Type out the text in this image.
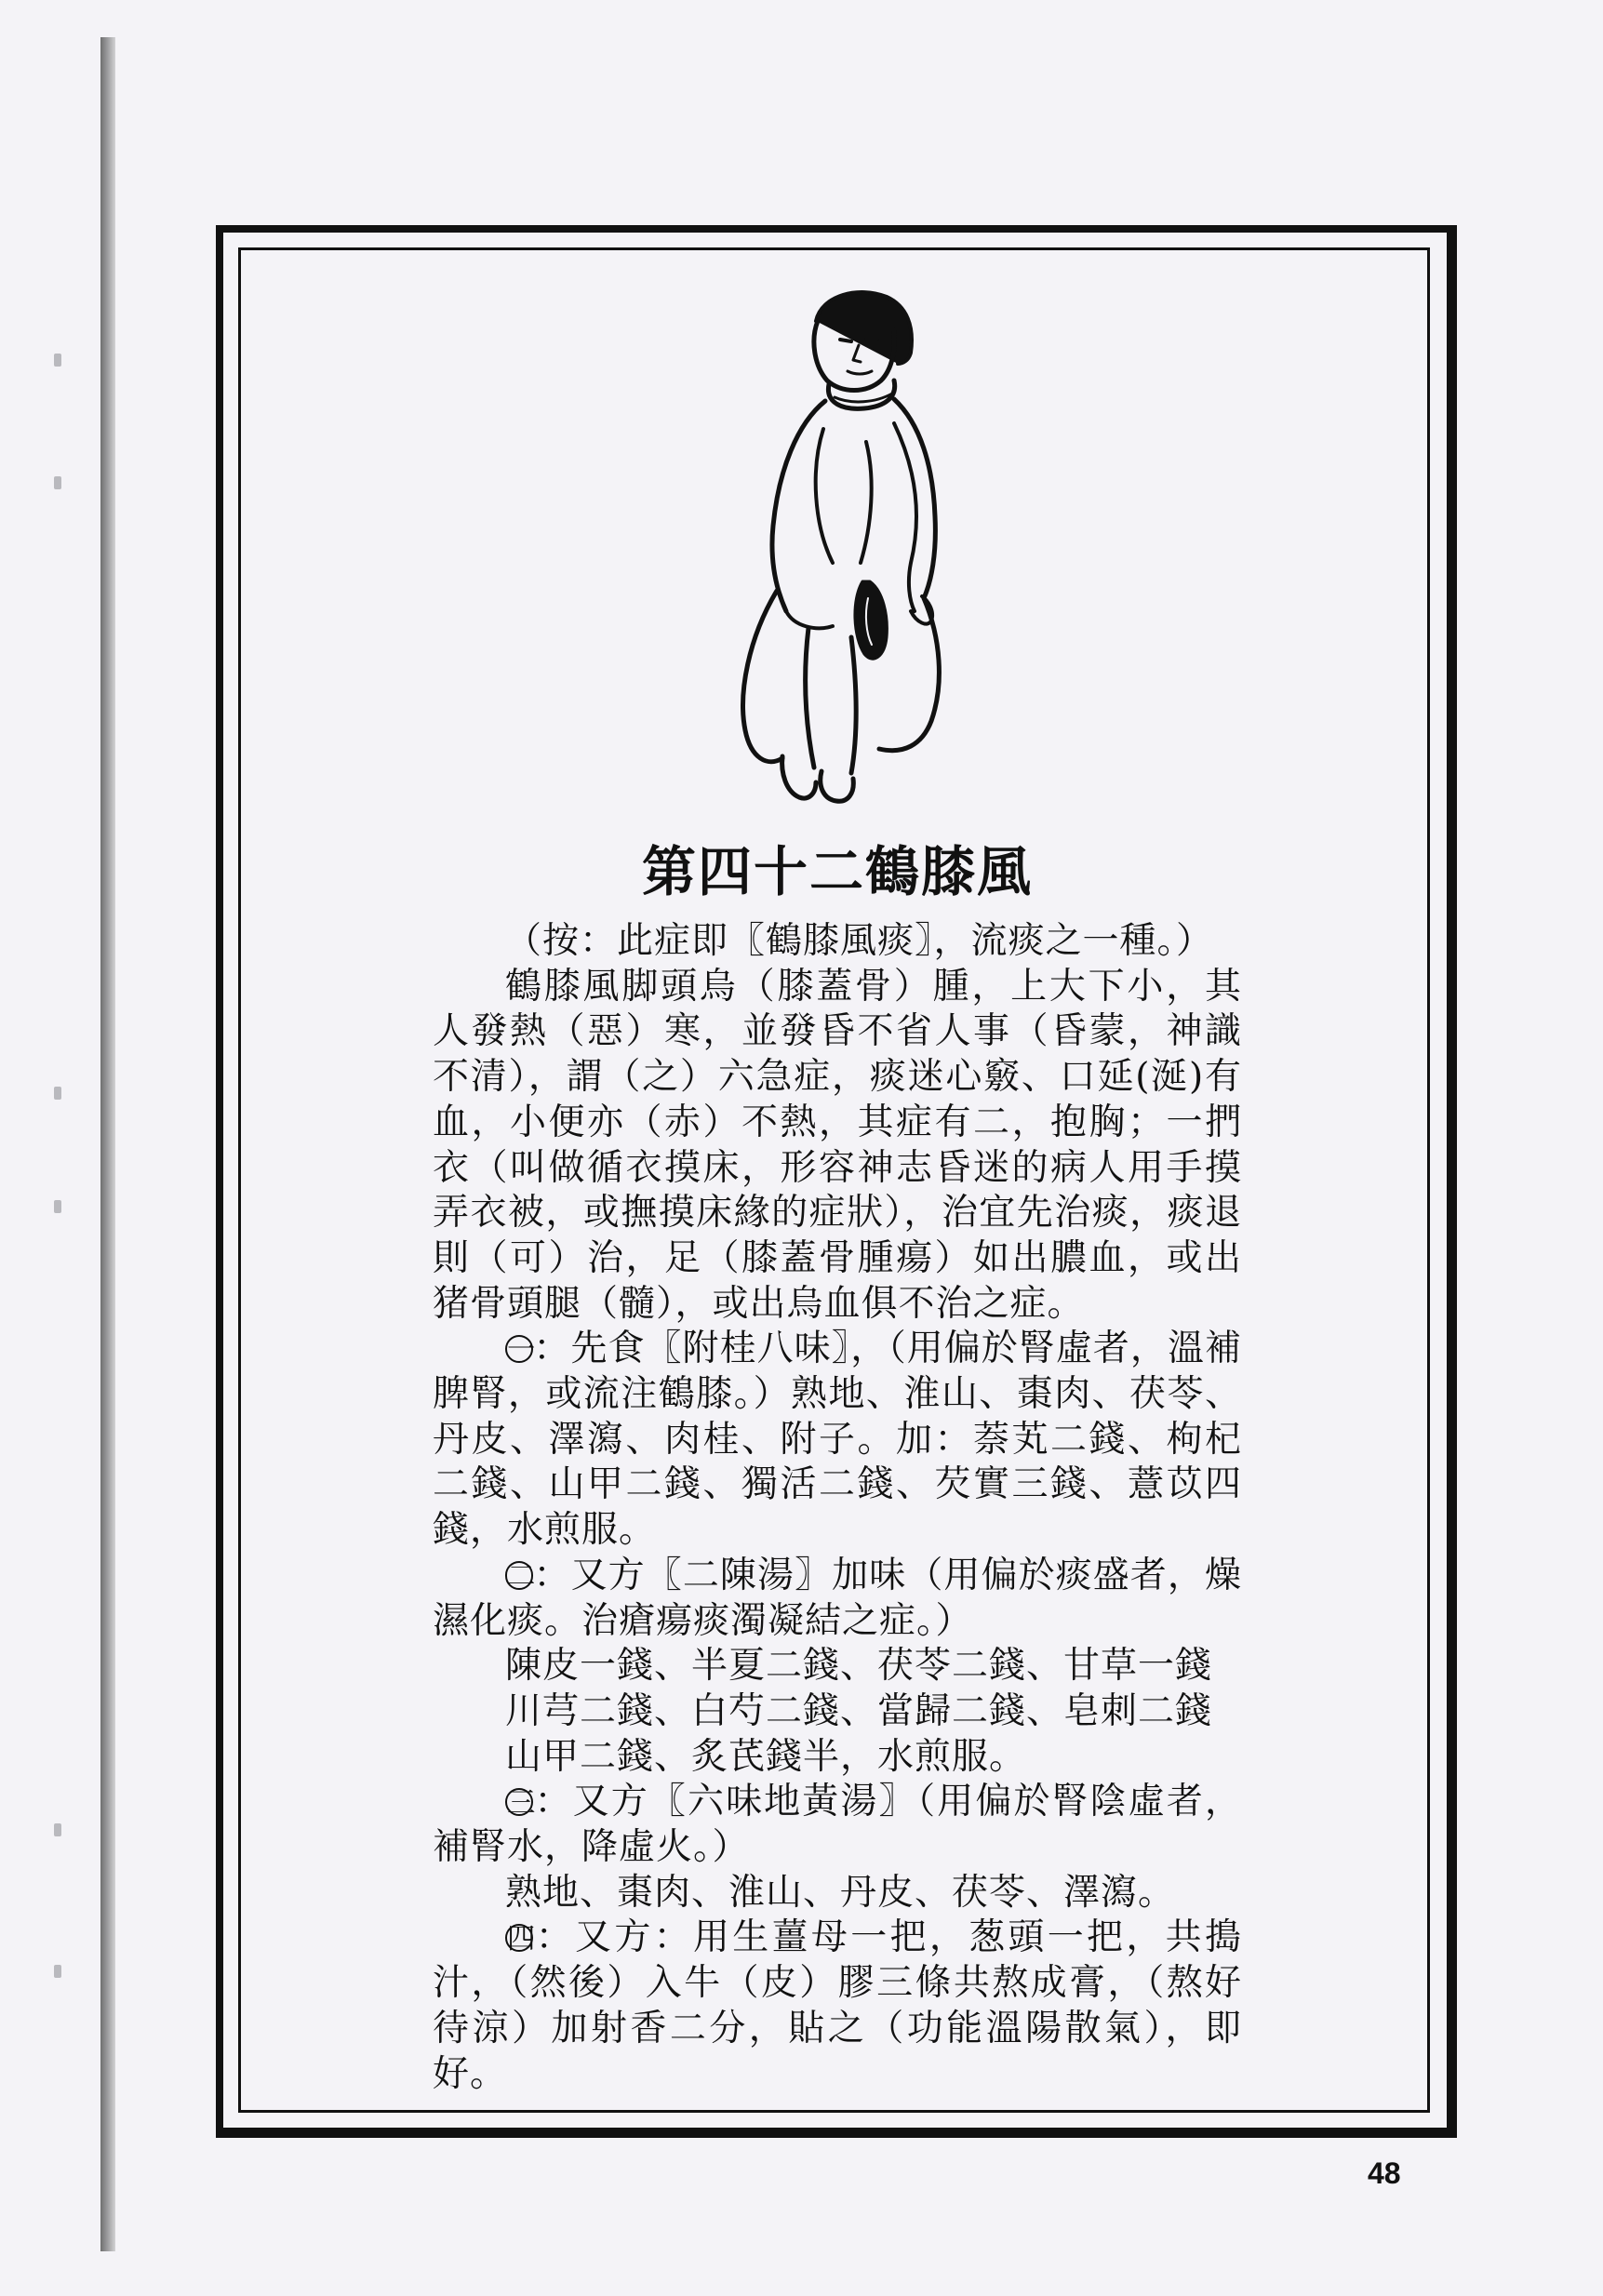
第四十二鶴膝風

（按：此症即〖鶴膝風痰〗，流痰之一種。）

鶴膝風脚頭烏（膝蓋骨）腫，上大下小，其人發熱（惡）寒，並發昏不省人事（昏蒙，神識不清），謂（之）六急症，痰迷心竅、口延(涎)有血，小便亦（赤）不熱，其症有二，抱胸；一捫衣（叫做循衣摸床，形容神志昏迷的病人用手摸弄衣被，或撫摸床緣的症狀），治宜先治痰，痰退則（可）治，足（膝蓋骨腫瘍）如出膿血，或出猪骨頭腿（髓），或出烏血俱不治之症。

一：先食〖附桂八味〗，（用偏於腎虛者，溫補脾腎，或流注鶴膝。）熟地、淮山、棗肉、茯苓、丹皮、澤瀉、肉桂、附子。加：萘芄二錢、枸杞二錢、山甲二錢、獨活二錢、芡實三錢、薏苡四錢，水煎服。

二：又方〖二陳湯〗加味（用偏於痰盛者，燥濕化痰。治瘡瘍痰濁凝結之症。）

陳皮一錢、半夏二錢、茯苓二錢、甘草一錢

川芎二錢、白芍二錢、當歸二錢、皂刺二錢

山甲二錢、炙芪錢半，水煎服。

三：又方〖六味地黃湯〗（用偏於腎陰虛者，補腎水，降虛火。）

熟地、棗肉、淮山、丹皮、茯苓、澤瀉。

四：又方：用生薑母一把，葱頭一把，共搗汁，（然後）入牛（皮）膠三條共熬成膏，（熬好待涼）加射香二分，貼之（功能溫陽散氣），即好。

48
